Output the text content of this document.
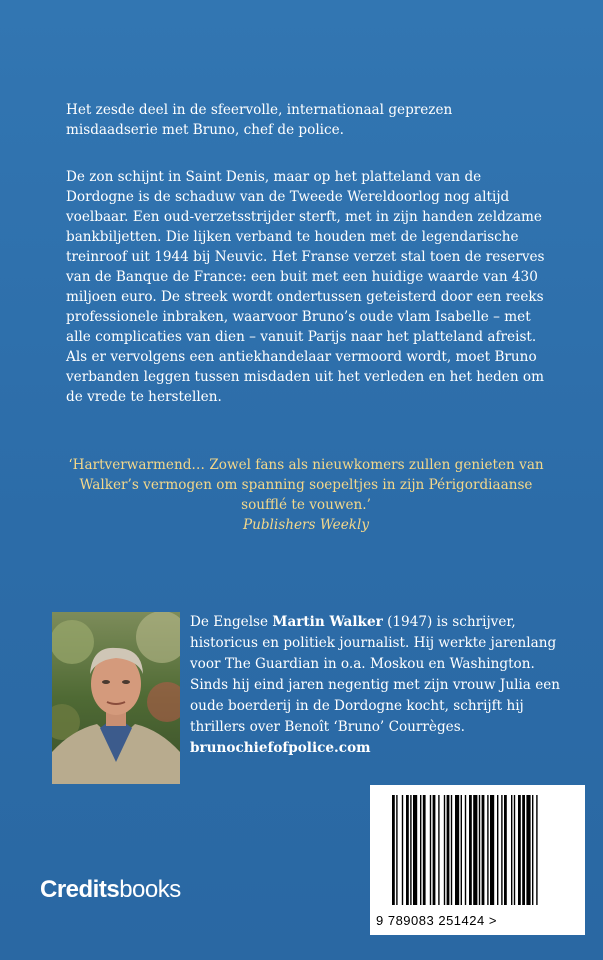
Het zesde deel in de sfeervolle, internationaal geprezen misdaadserie met Bruno, chef de police.

De zon schijnt in Saint Denis, maar op het platteland van de Dordogne is de schaduw van de Tweede Wereldoorlog nog altijd voelbaar. Een oud-verzetsstrijder sterft, met in zijn handen zeldzame bankbiljetten. Die lijken verband te houden met de legendarische treinroof uit 1944 bij Neuvic. Het Franse verzet stal toen de reserves van de Banque de France: een buit met een huidige waarde van 430 miljoen euro. De streek wordt ondertussen geteisterd door een reeks professionele inbraken, waarvoor Bruno’s oude vlam Isabelle – met alle complicaties van dien – vanuit Parijs naar het platteland afreist. Als er vervolgens een antiekhandelaar vermoord wordt, moet Bruno verbanden leggen tussen misdaden uit het verleden en het heden om de vrede te herstellen.

‘Hartverwarmend… Zowel fans als nieuwkomers zullen genieten van Walker’s vermogen om spanning soepeltjes in zijn Périgordiaanse soufflé te vouwen.’

Publishers Weekly

De Engelse Martin Walker (1947) is schrijver, historicus en politiek journalist. Hij werkte jarenlang voor The Guardian in o.a. Moskou en Washington. Sinds hij eind jaren negentig met zijn vrouw Julia een oude boerderij in de Dordogne kocht, schrijft hij thrillers over Benoît ‘Bruno’ Courrèges.

brunochiefofpolice.com

Creditsbooks
9 789083 251424 >
